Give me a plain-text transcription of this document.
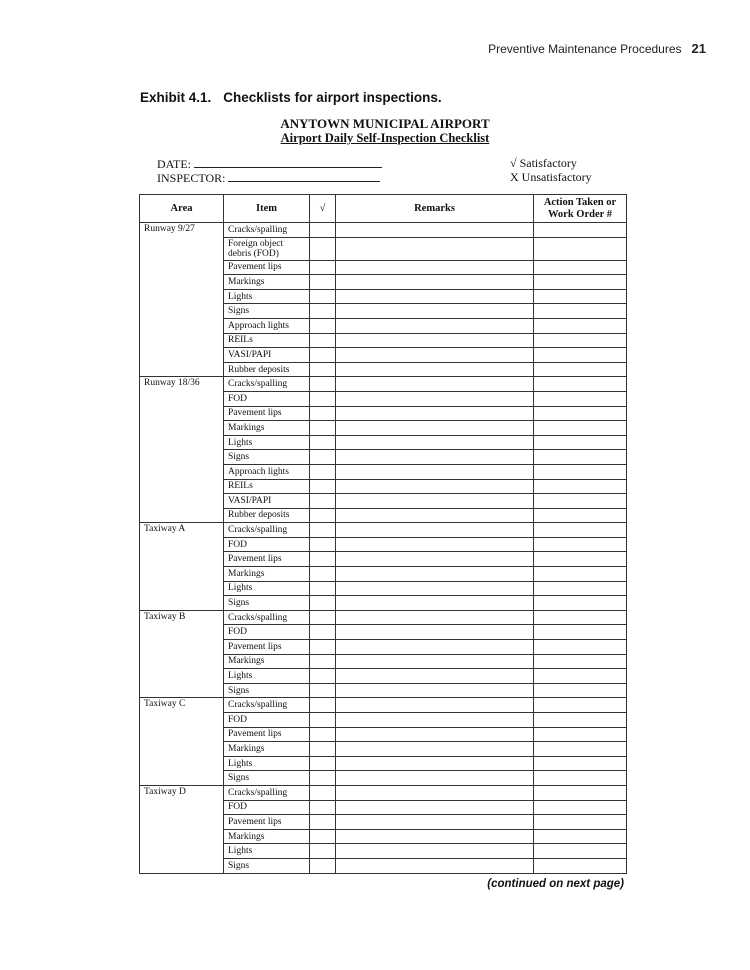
Preventive Maintenance Procedures 21
Exhibit 4.1. Checklists for airport inspections.
ANYTOWN MUNICIPAL AIRPORT
Airport Daily Self-Inspection Checklist
DATE:
INSPECTOR:
√ Satisfactory
X Unsatisfactory
Area	Item	√	Remarks	Action Taken or Work Order #
Runway 9/27	Cracks/spalling			
	Foreign object debris (FOD)			
	Pavement lips			
	Markings			
	Lights			
	Signs			
	Approach lights			
	REILs			
	VASI/PAPI			
	Rubber deposits			
Runway 18/36	Cracks/spalling			
	FOD			
	Pavement lips			
	Markings			
	Lights			
	Signs			
	Approach lights			
	REILs			
	VASI/PAPI			
	Rubber deposits			
Taxiway A	Cracks/spalling			
	FOD			
	Pavement lips			
	Markings			
	Lights			
	Signs			
Taxiway B	Cracks/spalling			
	FOD			
	Pavement lips			
	Markings			
	Lights			
	Signs			
Taxiway C	Cracks/spalling			
	FOD			
	Pavement lips			
	Markings			
	Lights			
	Signs			
Taxiway D	Cracks/spalling			
	FOD			
	Pavement lips			
	Markings			
	Lights			
	Signs			
(continued on next page)
